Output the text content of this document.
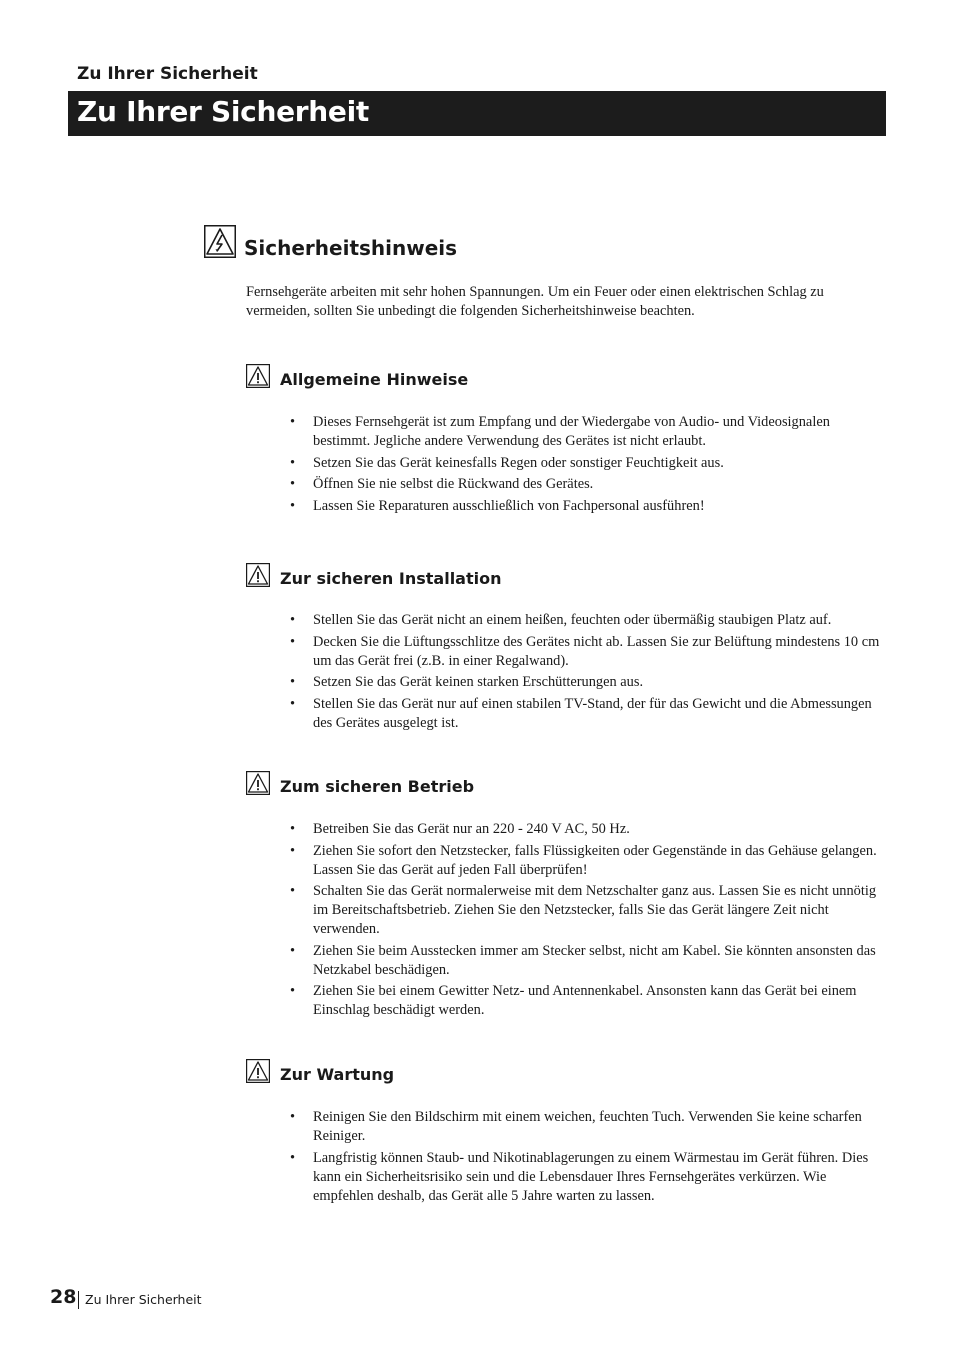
Zu Ihrer Sicherheit
Zu Ihrer Sicherheit
Sicherheitshinweis
Fernsehgeräte arbeiten mit sehr hohen Spannungen. Um ein Feuer oder einen elektrischen Schlag zu vermeiden, sollten Sie unbedingt die folgenden Sicherheitshinweise beachten.
Allgemeine Hinweise
• Dieses Fernsehgerät ist zum Empfang und der Wiedergabe von Audio- und Videosignalen bestimmt. Jegliche andere Verwendung des Gerätes ist nicht erlaubt.
• Setzen Sie das Gerät keinesfalls Regen oder sonstiger Feuchtigkeit aus.
• Öffnen Sie nie selbst die Rückwand des Gerätes.
• Lassen Sie Reparaturen ausschließlich von Fachpersonal ausführen!
Zur sicheren Installation
• Stellen Sie das Gerät nicht an einem heißen, feuchten oder übermäßig staubigen Platz auf.
• Decken Sie die Lüftungsschlitze des Gerätes nicht ab. Lassen Sie zur Belüftung mindestens 10 cm um das Gerät frei (z.B. in einer Regalwand).
• Setzen Sie das Gerät keinen starken Erschütterungen aus.
• Stellen Sie das Gerät nur auf einen stabilen TV-Stand, der für das Gewicht und die Abmessungen des Gerätes ausgelegt ist.
Zum sicheren Betrieb
• Betreiben Sie das Gerät nur an 220 - 240 V AC, 50 Hz.
• Ziehen Sie sofort den Netzstecker, falls Flüssigkeiten oder Gegenstände in das Gehäuse gelangen. Lassen Sie das Gerät auf jeden Fall überprüfen!
• Schalten Sie das Gerät normalerweise mit dem Netzschalter ganz aus. Lassen Sie es nicht unnötig im Bereitschaftsbetrieb. Ziehen Sie den Netzstecker, falls Sie das Gerät längere Zeit nicht verwenden.
• Ziehen Sie beim Ausstecken immer am Stecker selbst, nicht am Kabel. Sie könnten ansonsten das Netzkabel beschädigen.
• Ziehen Sie bei einem Gewitter Netz- und Antennenkabel. Ansonsten kann das Gerät bei einem Einschlag beschädigt werden.
Zur Wartung
• Reinigen Sie den Bildschirm mit einem weichen, feuchten Tuch. Verwenden Sie keine scharfen Reiniger.
• Langfristig können Staub- und Nikotinablagerungen zu einem Wärmestau im Gerät führen. Dies kann ein Sicherheitsrisiko sein und die Lebensdauer Ihres Fernsehgerätes verkürzen. Wie empfehlen deshalb, das Gerät alle 5 Jahre warten zu lassen.
28 Zu Ihrer Sicherheit
